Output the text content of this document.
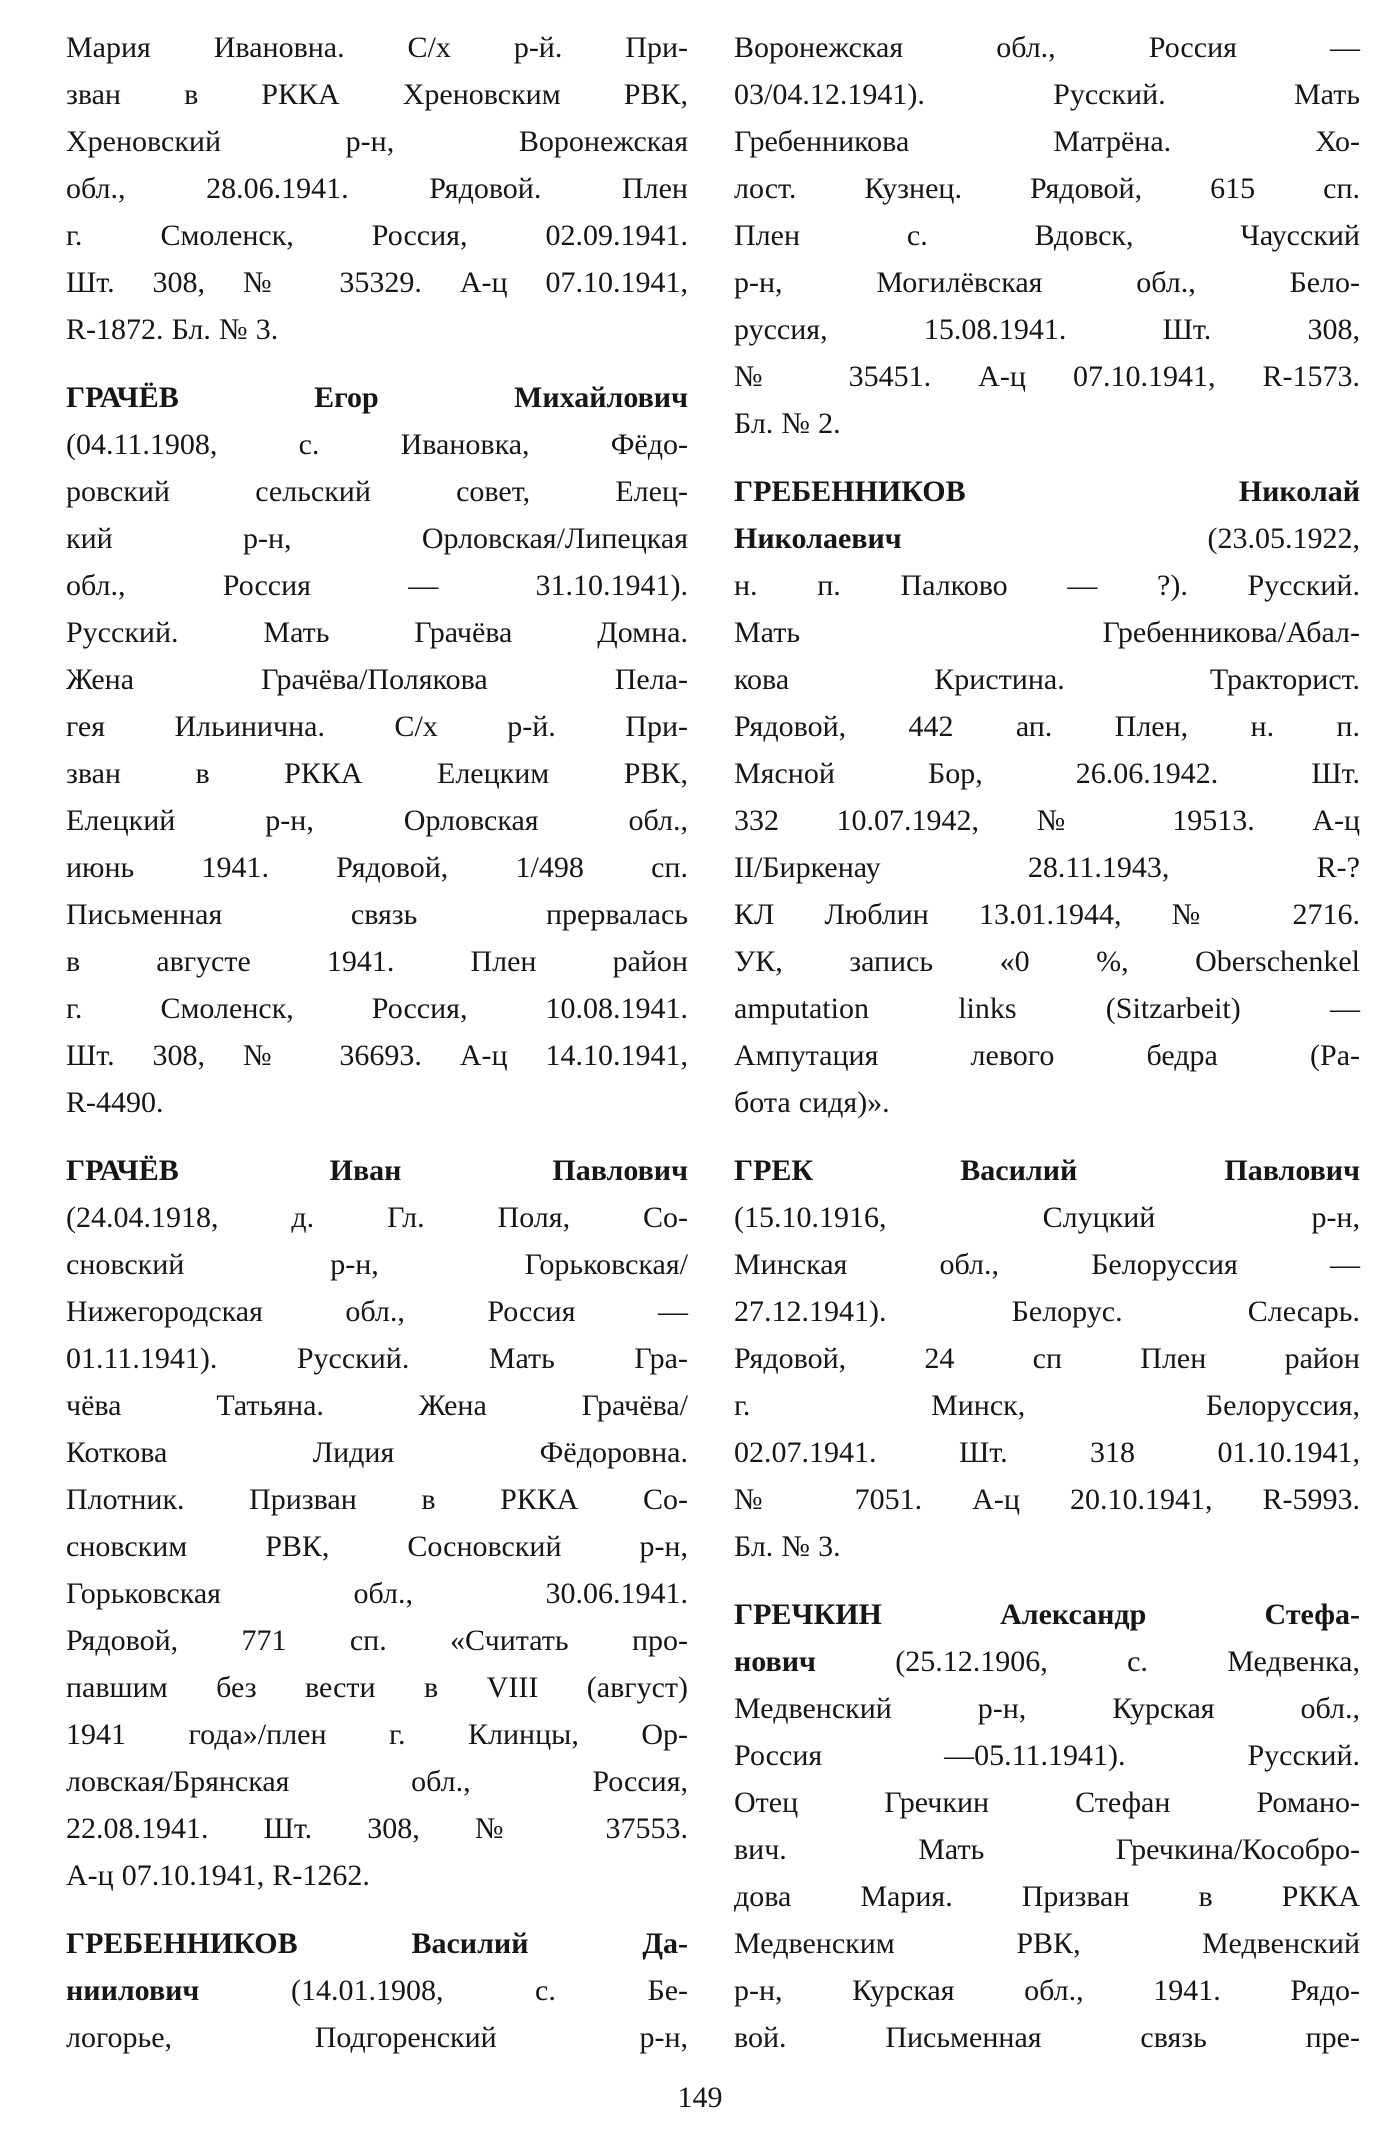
Мария Ивановна. С/х р-й. При-
зван в РККА Хреновским РВК,
Хреновский р-н, Воронежская
обл., 28.06.1941. Рядовой. Плен
г. Смоленск, Россия, 02.09.1941.
Шт. 308, № 35329. А-ц 07.10.1941,
R-1872. Бл. № 3.
ГРАЧЁВ Егор Михайлович
(04.11.1908, с. Ивановка, Фёдо-
ровский сельский совет, Елец-
кий р-н, Орловская/Липецкая
обл., Россия — 31.10.1941).
Русский. Мать Грачёва Домна.
Жена Грачёва/Полякова Пела-
гея Ильинична. С/х р-й. При-
зван в РККА Елецким РВК,
Елецкий р-н, Орловская обл.,
июнь 1941. Рядовой, 1/498 сп.
Письменная связь прервалась
в августе 1941. Плен район
г. Смоленск, Россия, 10.08.1941.
Шт. 308, № 36693. А-ц 14.10.1941,
R-4490.
ГРАЧЁВ Иван Павлович
(24.04.1918, д. Гл. Поля, Со-
сновский р-н, Горьковская/
Нижегородская обл., Россия —
01.11.1941). Русский. Мать Гра-
чёва Татьяна. Жена Грачёва/
Коткова Лидия Фёдоровна.
Плотник. Призван в РККА Со-
сновским РВК, Сосновский р-н,
Горьковская обл., 30.06.1941.
Рядовой, 771 сп. «Считать про-
павшим без вести в VIII (август)
1941 года»/плен г. Клинцы, Ор-
ловская/Брянская обл., Россия,
22.08.1941. Шт. 308, № 37553.
А-ц 07.10.1941, R-1262.
ГРЕБЕННИКОВ Василий Да-
ниилович (14.01.1908, с. Бе-
логорье, Подгоренский р-н,
Воронежская обл., Россия —
03/04.12.1941). Русский. Мать
Гребенникова Матрёна. Хо-
лост. Кузнец. Рядовой, 615 сп.
Плен с. Вдовск, Чаусский
р-н, Могилёвская обл., Бело-
руссия, 15.08.1941. Шт. 308,
№ 35451. А-ц 07.10.1941, R-1573.
Бл. № 2.
ГРЕБЕННИКОВ Николай
Николаевич (23.05.1922,
н. п. Палково — ?). Русский.
Мать Гребенникова/Абал-
кова Кристина. Тракторист.
Рядовой, 442 ап. Плен, н. п.
Мясной Бор, 26.06.1942. Шт.
332 10.07.1942, № 19513. А-ц
II/Биркенау 28.11.1943, R-?
КЛ Люблин 13.01.1944, № 2716.
УК, запись «0 %, Oberschenkel
amputation links (Sitzarbeit) —
Ампутация левого бедра (Ра-
бота сидя)».
ГРЕК Василий Павлович
(15.10.1916, Слуцкий р-н,
Минская обл., Белоруссия —
27.12.1941). Белорус. Слесарь.
Рядовой, 24 сп Плен район
г. Минск, Белоруссия,
02.07.1941. Шт. 318 01.10.1941,
№ 7051. А-ц 20.10.1941, R-5993.
Бл. № 3.
ГРЕЧКИН Александр Стефа-
нович (25.12.1906, с. Медвенка,
Медвенский р-н, Курская обл.,
Россия —05.11.1941). Русский.
Отец Гречкин Стефан Романо-
вич. Мать Гречкина/Кособро-
дова Мария. Призван в РККА
Медвенским РВК, Медвенский
р-н, Курская обл., 1941. Рядо-
вой. Письменная связь пре-
149
